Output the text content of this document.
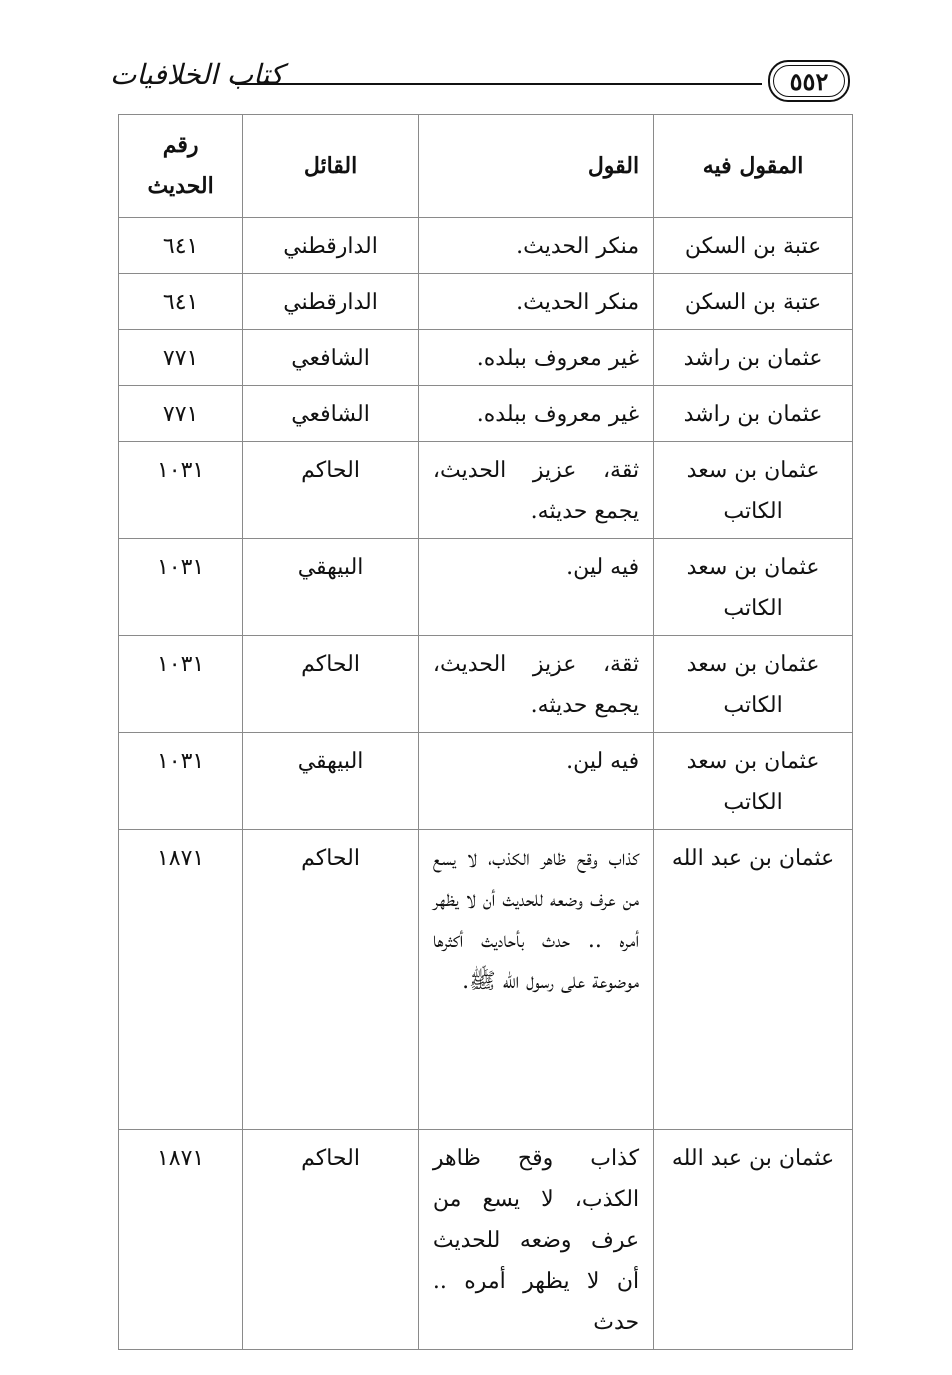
كتاب الخلافيات	٥٥٢
المقول فيه	القول	القائل	رقم الحديث
عتبة بن السكن	منكر الحديث.	الدارقطني	٦٤١
عتبة بن السكن	منكر الحديث.	الدارقطني	٦٤١
عثمان بن راشد	غير معروف ببلده.	الشافعي	٧٧١
عثمان بن راشد	غير معروف ببلده.	الشافعي	٧٧١
عثمان بن سعد الكاتب	ثقة، عزيز الحديث، يجمع حديثه.	الحاكم	١٠٣١
عثمان بن سعد الكاتب	فيه لين.	البيهقي	١٠٣١
عثمان بن سعد الكاتب	ثقة، عزيز الحديث، يجمع حديثه.	الحاكم	١٠٣١
عثمان بن سعد الكاتب	فيه لين.	البيهقي	١٠٣١
عثمان بن عبد الله	كذاب وقح ظاهر الكذب، لا يسع من عرف وضعه للحديث أن لا يظهر أمره .. حدث بأحاديث أكثرها موضوعة على رسول الله ﷺ.	الحاكم	١٨٧١
عثمان بن عبد الله	كذاب وقح ظاهر الكذب، لا يسع من عرف وضعه للحديث أن لا يظهر أمره .. حدث	الحاكم	١٨٧١
